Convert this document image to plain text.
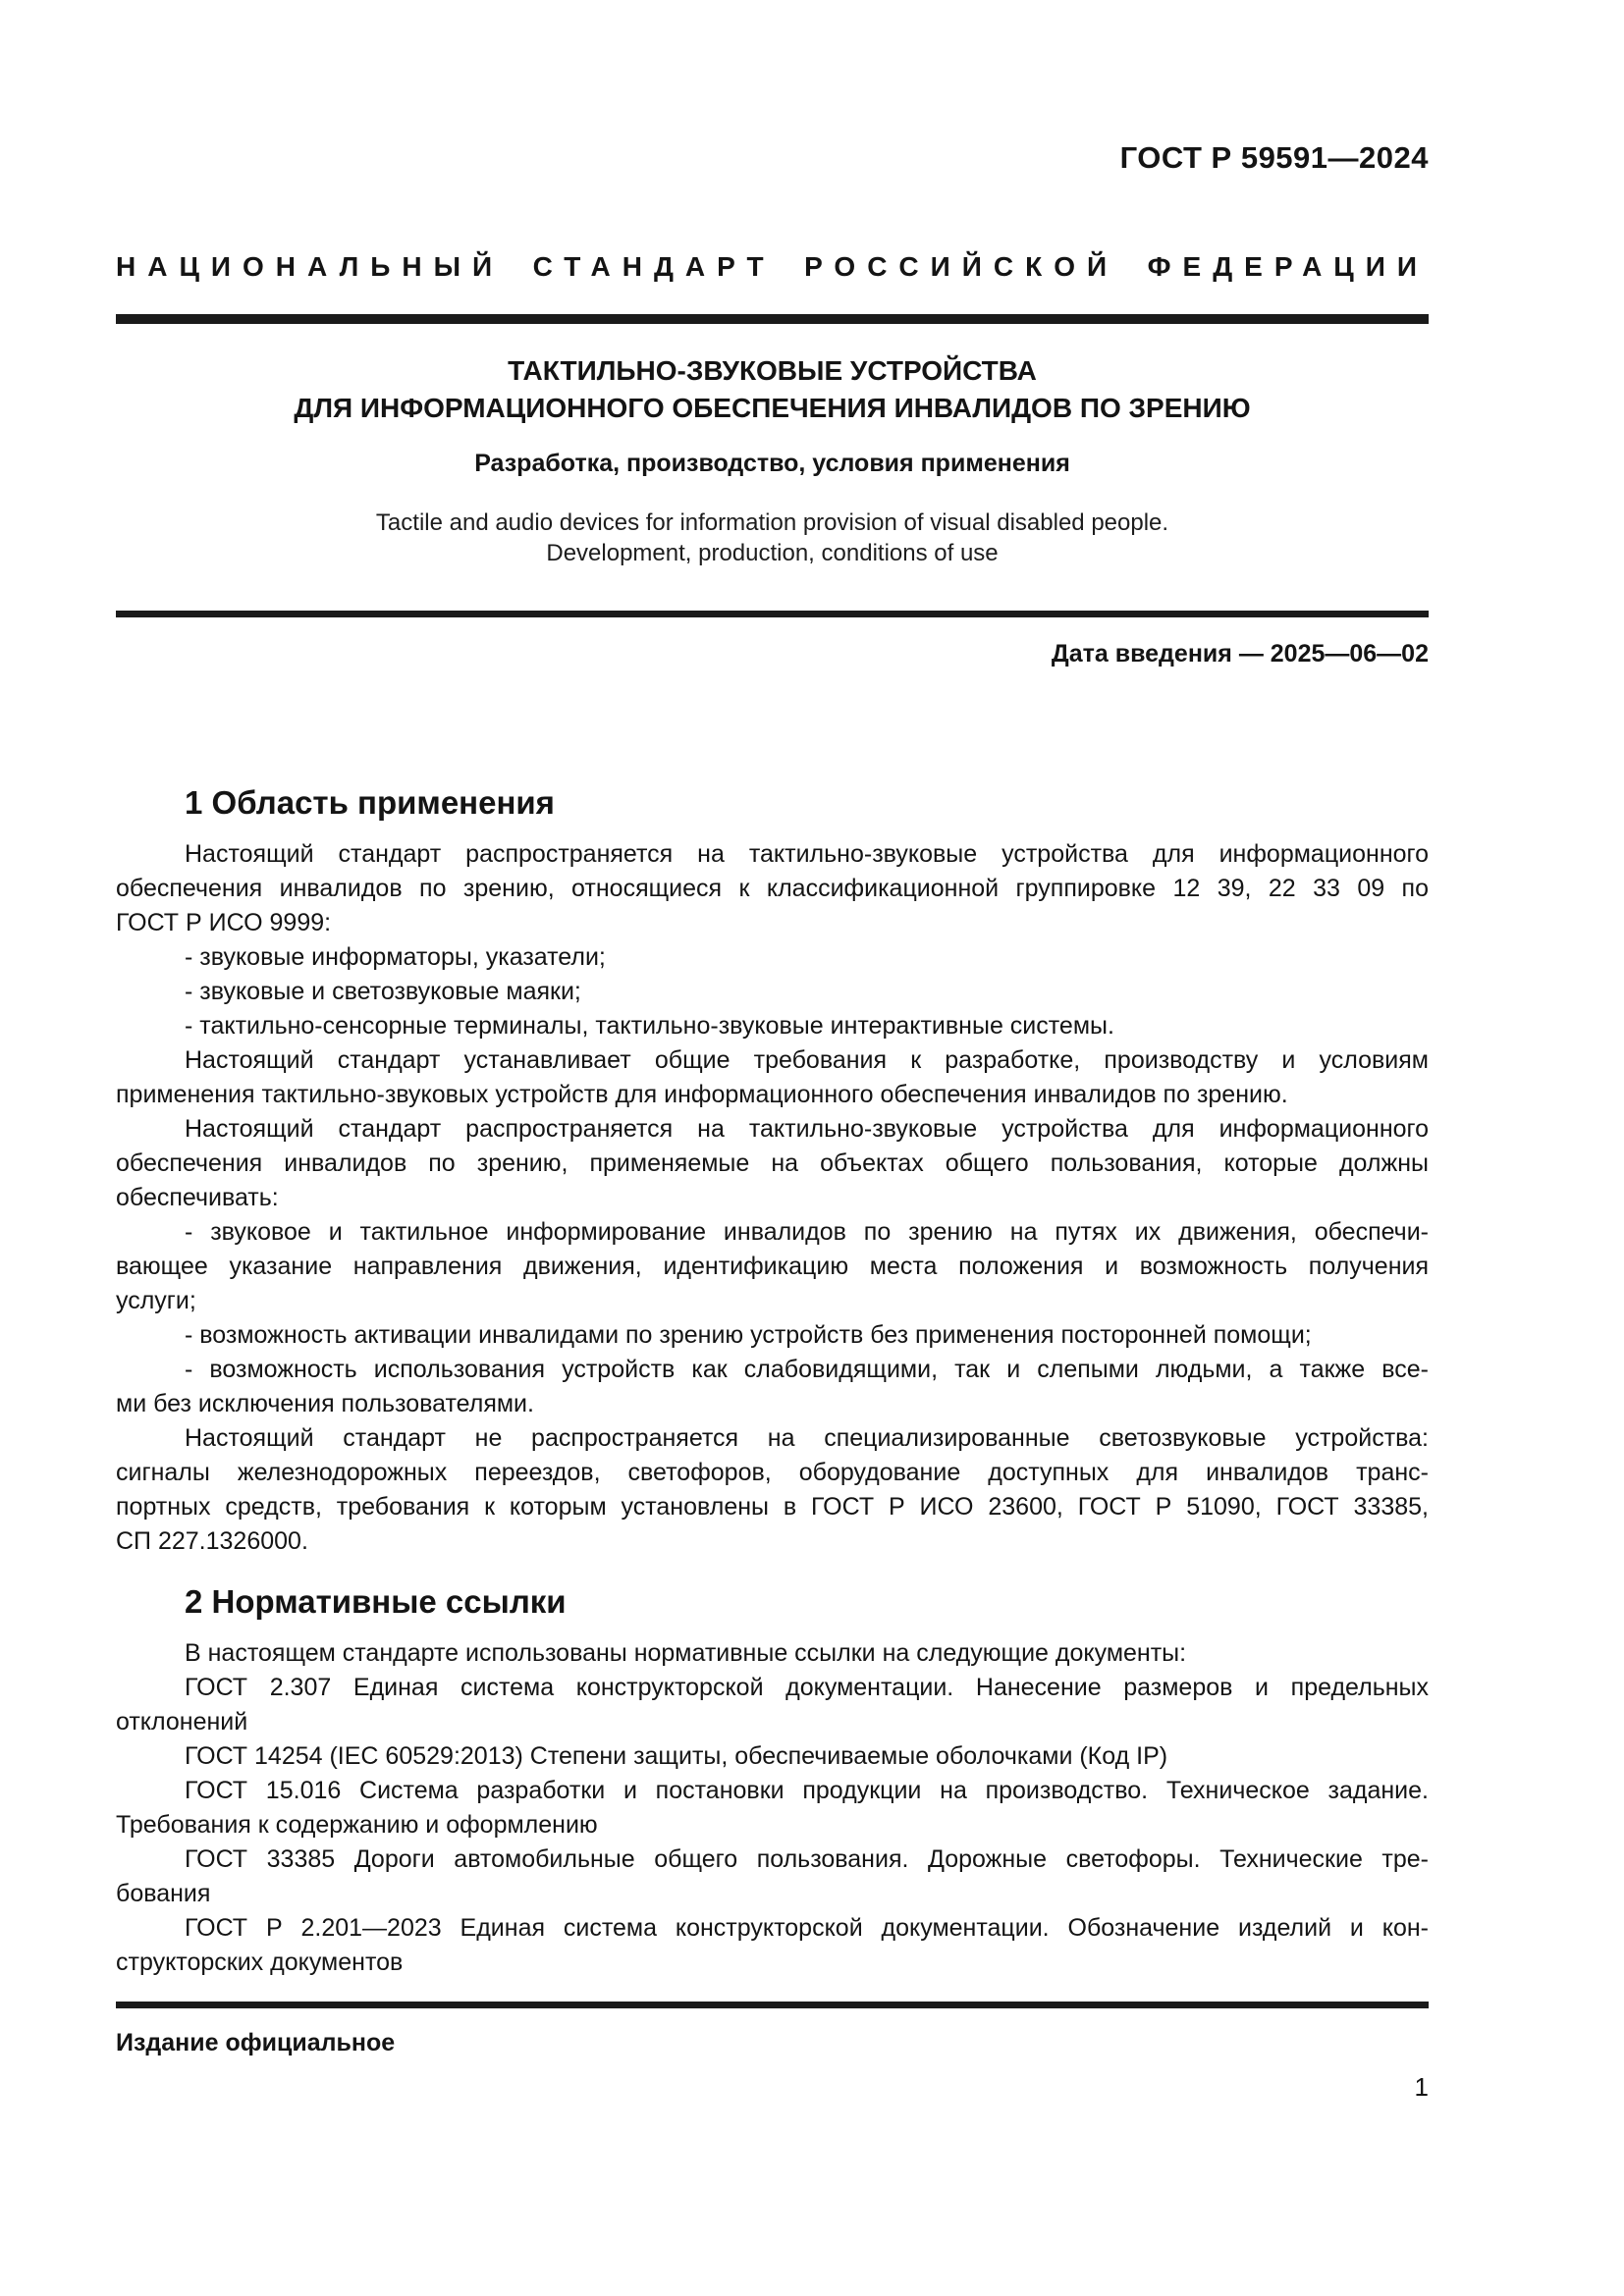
ГОСТ Р 59591—2024
НАЦИОНАЛЬНЫЙ СТАНДАРТ РОССИЙСКОЙ ФЕДЕРАЦИИ
ТАКТИЛЬНО-ЗВУКОВЫЕ УСТРОЙСТВА
ДЛЯ ИНФОРМАЦИОННОГО ОБЕСПЕЧЕНИЯ ИНВАЛИДОВ ПО ЗРЕНИЮ
Разработка, производство, условия применения
Tactile and audio devices for information provision of visual disabled people.
Development, production, conditions of use
Дата введения — 2025—06—02
1 Область применения
Настоящий стандарт распространяется на тактильно-звуковые устройства для информационного
обеспечения инвалидов по зрению, относящиеся к классификационной группировке 12 39, 22 33 09 по
ГОСТ Р ИСО 9999:
- звуковые информаторы, указатели;
- звуковые и светозвуковые маяки;
- тактильно-сенсорные терминалы, тактильно-звуковые интерактивные системы.
Настоящий стандарт устанавливает общие требования к разработке, производству и условиям
применения тактильно-звуковых устройств для информационного обеспечения инвалидов по зрению.
Настоящий стандарт распространяется на тактильно-звуковые устройства для информационного
обеспечения инвалидов по зрению, применяемые на объектах общего пользования, которые должны
обеспечивать:
- звуковое и тактильное информирование инвалидов по зрению на путях их движения, обеспечи-
вающее указание направления движения, идентификацию места положения и возможность получения
услуги;
- возможность активации инвалидами по зрению устройств без применения посторонней помощи;
- возможность использования устройств как слабовидящими, так и слепыми людьми, а также все-
ми без исключения пользователями.
Настоящий стандарт не распространяется на специализированные светозвуковые устройства:
сигналы железнодорожных переездов, светофоров, оборудование доступных для инвалидов транс-
портных средств, требования к которым установлены в ГОСТ Р ИСО 23600, ГОСТ Р 51090, ГОСТ 33385,
СП 227.1326000.
2 Нормативные ссылки
В настоящем стандарте использованы нормативные ссылки на следующие документы:
ГОСТ 2.307 Единая система конструкторской документации. Нанесение размеров и предельных
отклонений
ГОСТ 14254 (IEC 60529:2013) Степени защиты, обеспечиваемые оболочками (Код IP)
ГОСТ 15.016 Система разработки и постановки продукции на производство. Техническое задание.
Требования к содержанию и оформлению
ГОСТ 33385 Дороги автомобильные общего пользования. Дорожные светофоры. Технические тре-
бования
ГОСТ Р 2.201—2023 Единая система конструкторской документации. Обозначение изделий и кон-
структорских документов
Издание официальное
1
